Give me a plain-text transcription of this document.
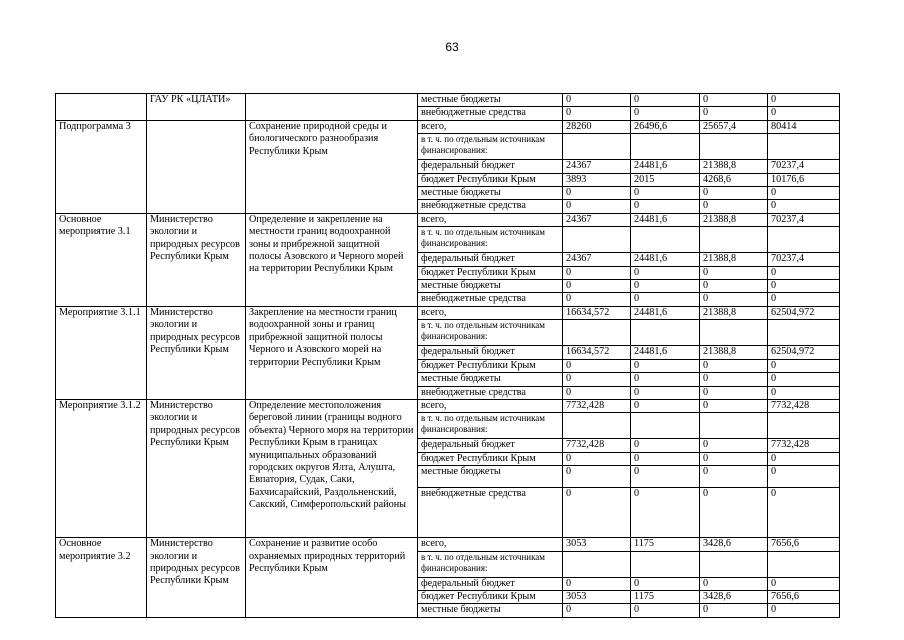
63
	ГАУ РК «ЦЛАТИ»		местные бюджеты	0	0	0	0
			внебюджетные средства	0	0	0	0
Подпрограмма 3		Сохранение природной среды и биологического разнообразия Республики Крым	всего,	28260	26496,6	25657,4	80414
			в т. ч. по отдельным источникам финансирования:				
			федеральный бюджет	24367	24481,6	21388,8	70237,4
			бюджет Республики Крым	3893	2015	4268,6	10176,6
			местные бюджеты	0	0	0	0
			внебюджетные средства	0	0	0	0
Основное мероприятие 3.1	Министерство экологии и природных ресурсов Республики Крым	Определение и закрепление на местности границ водоохранной зоны и прибрежной защитной полосы Азовского и Черного морей на территории Республики Крым	всего,	24367	24481,6	21388,8	70237,4
			в т. ч. по отдельным источникам финансирования:				
			федеральный бюджет	24367	24481,6	21388,8	70237,4
			бюджет Республики Крым	0	0	0	0
			местные бюджеты	0	0	0	0
			внебюджетные средства	0	0	0	0
Мероприятие 3.1.1	Министерство экологии и природных ресурсов Республики Крым	Закрепление на местности границ водоохранной зоны и границ прибрежной защитной полосы Черного и Азовского морей на территории Республики Крым	всего,	16634,572	24481,6	21388,8	62504,972
			в т. ч. по отдельным источникам финансирования:				
			федеральный бюджет	16634,572	24481,6	21388,8	62504,972
			бюджет Республики Крым	0	0	0	0
			местные бюджеты	0	0	0	0
			внебюджетные средства	0	0	0	0
Мероприятие 3.1.2	Министерство экологии и природных ресурсов Республики Крым	Определение местоположения береговой линии (границы водного объекта) Черного моря на территории Республики Крым в границах муниципальных образований городских округов Ялта, Алушта, Евпатория, Судак, Саки, Бахчисарайский, Раздольненский, Сакский, Симферопольский районы	всего,	7732,428	0	0	7732,428
			в т. ч. по отдельным источникам финансирования:				
			федеральный бюджет	7732,428	0	0	7732,428
			бюджет Республики Крым	0	0	0	0
			местные бюджеты	0	0	0	0
			внебюджетные средства	0	0	0	0
Основное мероприятие 3.2	Министерство экологии и природных ресурсов Республики Крым	Сохранение и развитие особо охраняемых природных территорий Республики Крым	всего,	3053	1175	3428,6	7656,6
			в т. ч. по отдельным источникам финансирования:				
			федеральный бюджет	0	0	0	0
			бюджет Республики Крым	3053	1175	3428,6	7656,6
			местные бюджеты	0	0	0	0
